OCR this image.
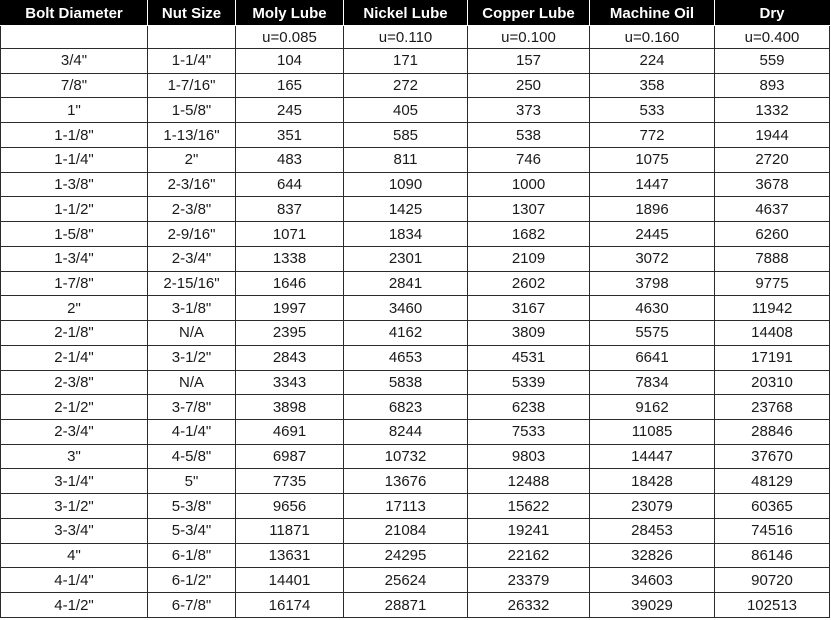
Bolt Diameter	Nut Size	Moly Lube	Nickel Lube	Copper Lube	Machine Oil	Dry
		u=0.085	u=0.110	u=0.100	u=0.160	u=0.400
3/4"	1-1/4"	104	171	157	224	559
7/8"	1-7/16"	165	272	250	358	893
1"	1-5/8"	245	405	373	533	1332
1-1/8"	1-13/16"	351	585	538	772	1944
1-1/4"	2"	483	811	746	1075	2720
1-3/8"	2-3/16"	644	1090	1000	1447	3678
1-1/2"	2-3/8"	837	1425	1307	1896	4637
1-5/8"	2-9/16"	1071	1834	1682	2445	6260
1-3/4"	2-3/4"	1338	2301	2109	3072	7888
1-7/8"	2-15/16"	1646	2841	2602	3798	9775
2"	3-1/8"	1997	3460	3167	4630	11942
2-1/8"	N/A	2395	4162	3809	5575	14408
2-1/4"	3-1/2"	2843	4653	4531	6641	17191
2-3/8"	N/A	3343	5838	5339	7834	20310
2-1/2"	3-7/8"	3898	6823	6238	9162	23768
2-3/4"	4-1/4"	4691	8244	7533	11085	28846
3"	4-5/8"	6987	10732	9803	14447	37670
3-1/4"	5"	7735	13676	12488	18428	48129
3-1/2"	5-3/8"	9656	17113	15622	23079	60365
3-3/4"	5-3/4"	11871	21084	19241	28453	74516
4"	6-1/8"	13631	24295	22162	32826	86146
4-1/4"	6-1/2"	14401	25624	23379	34603	90720
4-1/2"	6-7/8"	16174	28871	26332	39029	102513
